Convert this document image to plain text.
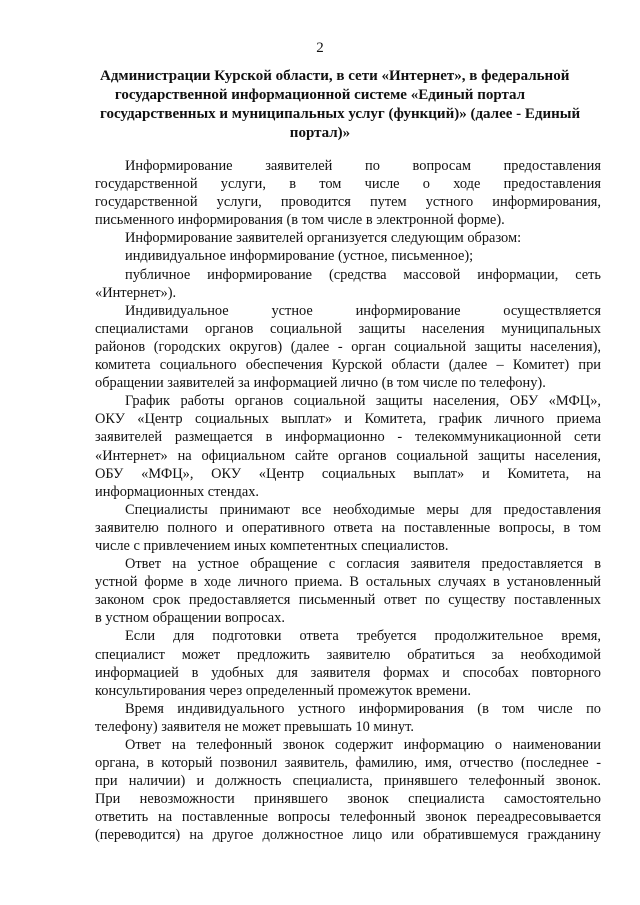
2
Администрации Курской области, в сети «Интернет», в федеральной
государственной информационной системе «Единый портал
государственных и муниципальных услуг (функций)» (далее - Единый
портал)»
Информирование заявителей по вопросам предоставления
государственной услуги, в том числе о ходе предоставления
государственной услуги, проводится путем устного информирования,
письменного информирования (в том числе в электронной форме).
Информирование заявителей организуется следующим образом:
индивидуальное информирование (устное, письменное);
публичное информирование (средства массовой информации, сеть
«Интернет»).
Индивидуальное устное информирование осуществляется
специалистами органов социальной защиты населения муниципальных
районов (городских округов) (далее - орган социальной защиты населения),
комитета социального обеспечения Курской области (далее – Комитет) при
обращении заявителей за информацией лично (в том числе по телефону).
График работы органов социальной защиты населения, ОБУ «МФЦ»,
ОКУ «Центр социальных выплат» и Комитета, график личного приема
заявителей размещается в информационно - телекоммуникационной сети
«Интернет» на официальном сайте органов социальной защиты населения,
ОБУ «МФЦ», ОКУ «Центр социальных выплат» и Комитета, на
информационных стендах.
Специалисты принимают все необходимые меры для предоставления
заявителю полного и оперативного ответа на поставленные вопросы, в том
числе с привлечением иных компетентных специалистов.
Ответ на устное обращение с согласия заявителя предоставляется в
устной форме в ходе личного приема. В остальных случаях в установленный
законом срок предоставляется письменный ответ по существу поставленных
в устном обращении вопросах.
Если для подготовки ответа требуется продолжительное время,
специалист может предложить заявителю обратиться за необходимой
информацией в удобных для заявителя формах и способах повторного
консультирования через определенный промежуток времени.
Время индивидуального устного информирования (в том числе по
телефону) заявителя не может превышать 10 минут.
Ответ на телефонный звонок содержит информацию о наименовании
органа, в который позвонил заявитель, фамилию, имя, отчество (последнее -
при наличии) и должность специалиста, принявшего телефонный звонок.
При невозможности принявшего звонок специалиста самостоятельно
ответить на поставленные вопросы телефонный звонок переадресовывается
(переводится) на другое должностное лицо или обратившемуся гражданину
